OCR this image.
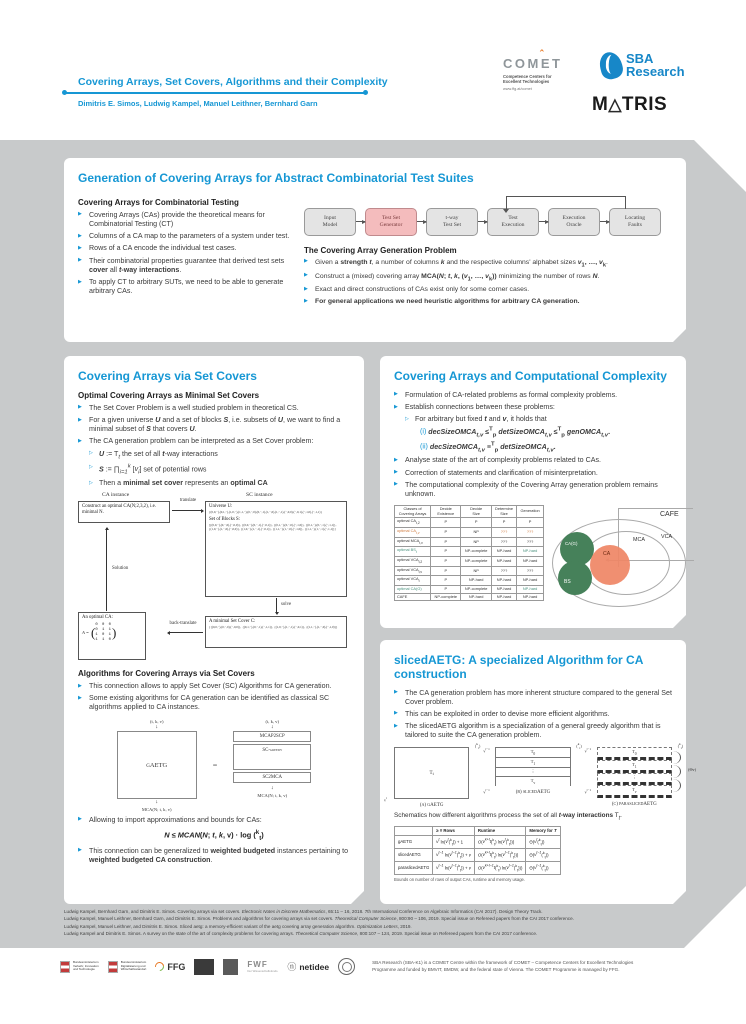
Covering Arrays, Set Covers, Algorithms and their Complexity
Dimitris E. Simos, Ludwig Kampel, Manuel Leithner, Bernhard Garn
COMˆ ET
Competence Centers for
Excellent Technologies
www.ffg.at/comet
SBA
Research
M△TRIS
Generation of Covering Arrays for Abstract Combinatorial Test Suites
Covering Arrays for Combinatorial Testing
▶ Covering Arrays (CAs) provide the theoretical means for Combinatorial Testing (CT)
▶ Columns of a CA map to the parameters of a system under test.
▶ Rows of a CA encode the individual test cases.
▶ Their combinatorial properties guarantee that derived test sets cover all t-way interactions.
▶ To apply CT to arbitrary SUTs, we need to be able to generate arbitrary CAs.
Input
Model
Test Set
Generator
t-way
Test Set
Test
Execution
Execution
Oracle
Locating
Faults
The Covering Array Generation Problem
▶ Given a strength t, a number of columns k and the respective columns' alphabet sizes $v_1$, …, $v_k$.
▶ Construct a (mixed) covering array MCA(N; t, k, ($v_1$, …, $v_k$)) minimizing the number of rows N.
▶ Exact and direct constructions of CAs exist only for some corner cases.
▶ For general applications we need heuristic algorithms for arbitrary CA generation.
Covering Arrays via Set Covers
Optimal Covering Arrays as Minimal Set Covers
▶ The Set Cover Problem is a well studied problem in theoretical CS.
▶ For a given universe U and a set of blocks S, i.e. subsets of U, we want to find a minimal subset of S that covers U.
▶ The CA generation problem can be interpreted as a Set Cover problem:
▷ U := $T_t$ the set of all t-way interactions
▷ S := $\prod_{i=1}^k$ $[v_i]$ set of potential rows
▷ Then a minimal set cover represents an optimal CA
CA instance	SC instance
Construct an optimal CA(N;2,3,2), i.e. minimal N.
translate
Universe U:
{(0,0,−),(0,1,−),(1,0,−),(1,1,−),(0,−,0),(0,−,1),(1,−,0),(1,−,1),(−,0,0),(−,0,1),(−,1,0),(−,1,1)}
Set of Blocks S:
[{(0,0,−),(0,−,0),(−,0,0)}, {(0,0,−),(0,−,1),(−,0,1)}, {(0,1,−),(0,−,0),(−,1,0)}, {(0,1,−),(0,−,1),(−,1,1)}, {(1,0,−),(1,−,0),(−,0,0)}, {(1,0,−),(1,−,1),(−,0,1)}, {(1,1,−),(1,−,0),(−,1,0)}, {(1,1,−),(1,−,1),(−,1,1)}]
solve
A minimal Set Cover C:
{{(0,0,−),(0,−,0),(−,0,0)}, {(0,1,−),(0,−,1),(−,1,1)}, {(1,0,−),(1,−,1),(−,0,1)}, {(1,1,−),(1,−,0),(−,1,0)}}
back-translate
An optimal CA:
A = ( 0 0 0
0 1 1
1 0 1
1 1 0 )
Solution
Algorithms for Covering Arrays via Set Covers
▶ This connection allows to apply Set Cover (SC) Algorithms for CA generation.
▶ Some existing algorithms for CA generation can be identified as classical SC algorithms applied to CA instances.
(t, k, v)
↓
gAETG
↓
MCA(N; t, k, v)
=
(t, k, v)
↓
MCAP2SCP
SC-greedy
SC2MCA
↓
MCA(N; t, k, v)
▶ Allowing to import approximations and bounds for CAs:
N ≤ MCAN(N; t, k, v) · log ($^k_t$)
▶ This connection can be generalized to weighted budgeted instances pertaining to weighted budgeted CA construction.
Covering Arrays and Computational Complexity
▶ Formulation of CA-related problems as formal complexity problems.
▶ Establish connections between these problems:
▷ For arbitrary but fixed t and v, it holds that
(i) decSizeOMCA$_{t,v}$ ≤$^T_p$ detSizeOMCA$_{t,v}$ ≤$^T_p$ genOMCA$_{t,v}$.
(ii) decSizeOMCA$_{t,v}$ ≡$^T_p$ detSizeOMCA$_{t,v}$.
▶ Analyse state of the art of complexity problems related to CAs.
▶ Correction of statements and clarification of misinterpretation.
▶ The computational complexity of the Covering Array generation problem remains unknown.
Classes of
Covering Arrays	Decide
Existence	Decide
Size	Determine
Size	Generation
optimal $CA_{t,2}$	P	P	P	P
optimal $CA_{t,v}$	P	NP	???	???
optimal $MCA_{t,v}$	P	NP	???	???
optimal $BS_t$	P	NP-complete	NP-hard	NP-hard
optimal $VCA_{t,2}$	P	NP-complete	NP-hard	NP-hard
optimal $VCA_{t,v}$	P	NP	???	???
optimal $VCA_t$	P	NP-hard	NP-hard	NP-hard
optimal CA(G)	P	NP-complete	NP-hard	NP-hard
CAFE	NP-complete	NP-hard	NP-hard	NP-hard
CA(G)
BS
CA
MCA	VCA
CAFE
slicedAETG: A specialized Algorithm for CA construction
▶ The CA generation problem has more inherent structure compared to the general Set Cover problem.
▶ This can be exploited in order to devise more efficient algorithms.
▶ The slicedAETG algorithm is a specialization of a general greedy algorithm that is tailored to suite the CA generation problem.
($^k_t$)
T t
$v^t$
(a) gAETG
($^k_t$)
$v^{t-1}$	$T_0$
$T_1$
⋮
$T_v$
$v^{t-1}$	(b) slicedAETG
($^k_t$)
$v^{t-1}$	$T_0$
$T_1$
⋮
$T_v$
$v^{t-1}$
(Θv)
(c) paraslicedAETG
Schematics how different algorithms process the set of all t-way interactions $T_t$.
	≥ # Rows	Runtime	Memory for T
gAETG	$v^t$ $\ln(v^t(^k_t)) + 1$	$O(v^{k+t}t(^k_t)$ $\ln(v^t(^k_t))$)	$\Theta(v^t(^k_t))$
slicedAETG	$v^{t-1}$ $\ln(v^{t-1}(^k_t)) + v$	$O(v^{k+t}t(^k_t)$ $\ln(v^{t-1}(^k_t))$)	$\Theta(v^{t-1}(^k_t))$
paraslicedAETG	$v^{t-1}$ $\ln(v^{t-1}(^k_t)) + v$	$O(v^{k+t-1}t(^k_t)$ $\ln(v^{t-1}(^k_t))$)	$\Theta(v^{t-1}(^k_t))$
Bounds on number of rows of output CAs, runtime and memory usage.
Ludwig Kampel, Bernhard Garn, and Dimitris E. Simos. Covering arrays via set covers. Electronic Notes in Discrete Mathematics, 65:11 – 16, 2018. 7th International Conference on Algebraic Informatics (CAI 2017). Design Theory Track.
Ludwig Kampel, Manuel Leithner, Bernhard Garn, and Dimitris E. Simos. Problems and algorithms for covering arrays via set covers. Theoretical Computer Science, 800:90 – 106, 2019. Special issue on Refereed papers from the CAI 2017 conference.
Ludwig Kampel, Manuel Leithner, and Dimitris E. Simos. Sliced aetg: a memory-efficient variant of the aetg covering array generation algorithm. Optimization Letters, 2019.
Ludwig Kampel and Dimitris E. Simos. A survey on the state of the art of complexity problems for covering arrays. Theoretical Computer Science, 800:107 – 124, 2019. Special issue on Refereed papers from the CAI 2017 conference.
Bundesministerium
Verkehr, Innovation
und Technologie
Bundesministerium
Digitalisierung und
Wirtschaftsstandort FFG	FWF
Der Wissenschaftsfonds. ⓝ netidee	SBA Research (SBA-K1) is a COMET Centre within the framework of COMET – Competence Centers for Excellent Technologies Programme and funded by BMVIT, BMDW, and the federal state of Vienna. The COMET Programme is managed by FFG.
